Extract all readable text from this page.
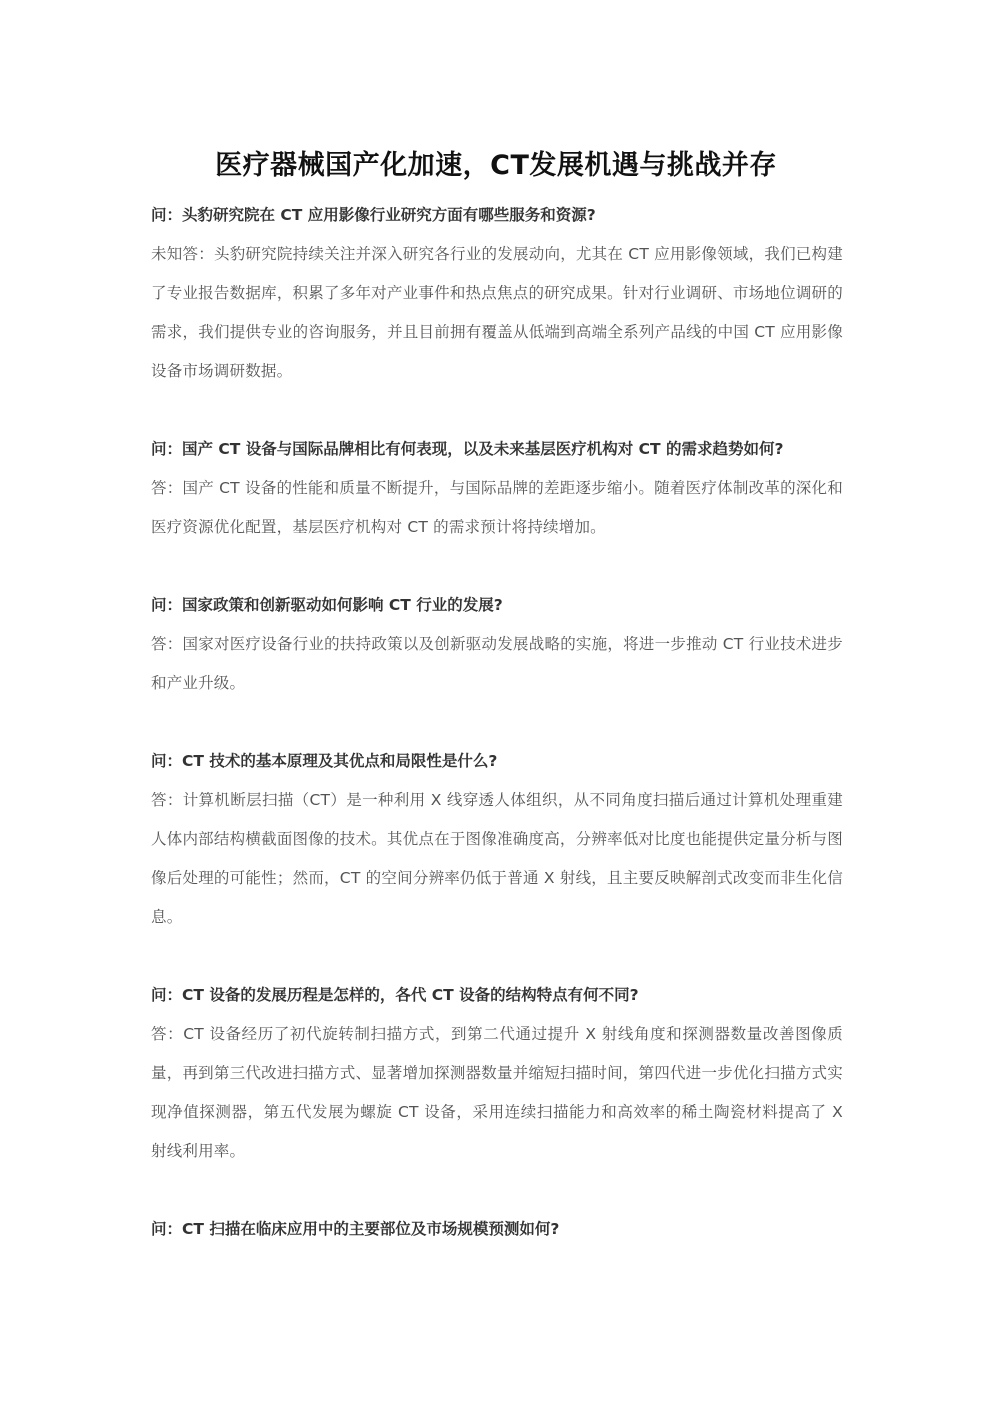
医疗器械国产化加速，CT发展机遇与挑战并存

问：头豹研究院在 CT 应用影像行业研究方面有哪些服务和资源?

未知答：头豹研究院持续关注并深入研究各行业的发展动向，尤其在 CT 应用影像领域，我们已构建了专业报告数据库，积累了多年对产业事件和热点焦点的研究成果。针对行业调研、市场地位调研的需求，我们提供专业的咨询服务，并且目前拥有覆盖从低端到高端全系列产品线的中国 CT 应用影像设备市场调研数据。

问：国产 CT 设备与国际品牌相比有何表现，以及未来基层医疗机构对 CT 的需求趋势如何?

答：国产 CT 设备的性能和质量不断提升，与国际品牌的差距逐步缩小。随着医疗体制改革的深化和医疗资源优化配置，基层医疗机构对 CT 的需求预计将持续增加。

问：国家政策和创新驱动如何影响 CT 行业的发展?

答：国家对医疗设备行业的扶持政策以及创新驱动发展战略的实施，将进一步推动 CT 行业技术进步和产业升级。

问：CT 技术的基本原理及其优点和局限性是什么?

答：计算机断层扫描（CT）是一种利用 X 线穿透人体组织，从不同角度扫描后通过计算机处理重建人体内部结构横截面图像的技术。其优点在于图像准确度高，分辨率低对比度也能提供定量分析与图像后处理的可能性；然而，CT 的空间分辨率仍低于普通 X 射线，且主要反映解剖式改变而非生化信息。

问：CT 设备的发展历程是怎样的，各代 CT 设备的结构特点有何不同?

答：CT 设备经历了初代旋转制扫描方式，到第二代通过提升 X 射线角度和探测器数量改善图像质量，再到第三代改进扫描方式、显著增加探测器数量并缩短扫描时间，第四代进一步优化扫描方式实现净值探测器，第五代发展为螺旋 CT 设备，采用连续扫描能力和高效率的稀土陶瓷材料提高了 X 射线利用率。

问：CT 扫描在临床应用中的主要部位及市场规模预测如何?
